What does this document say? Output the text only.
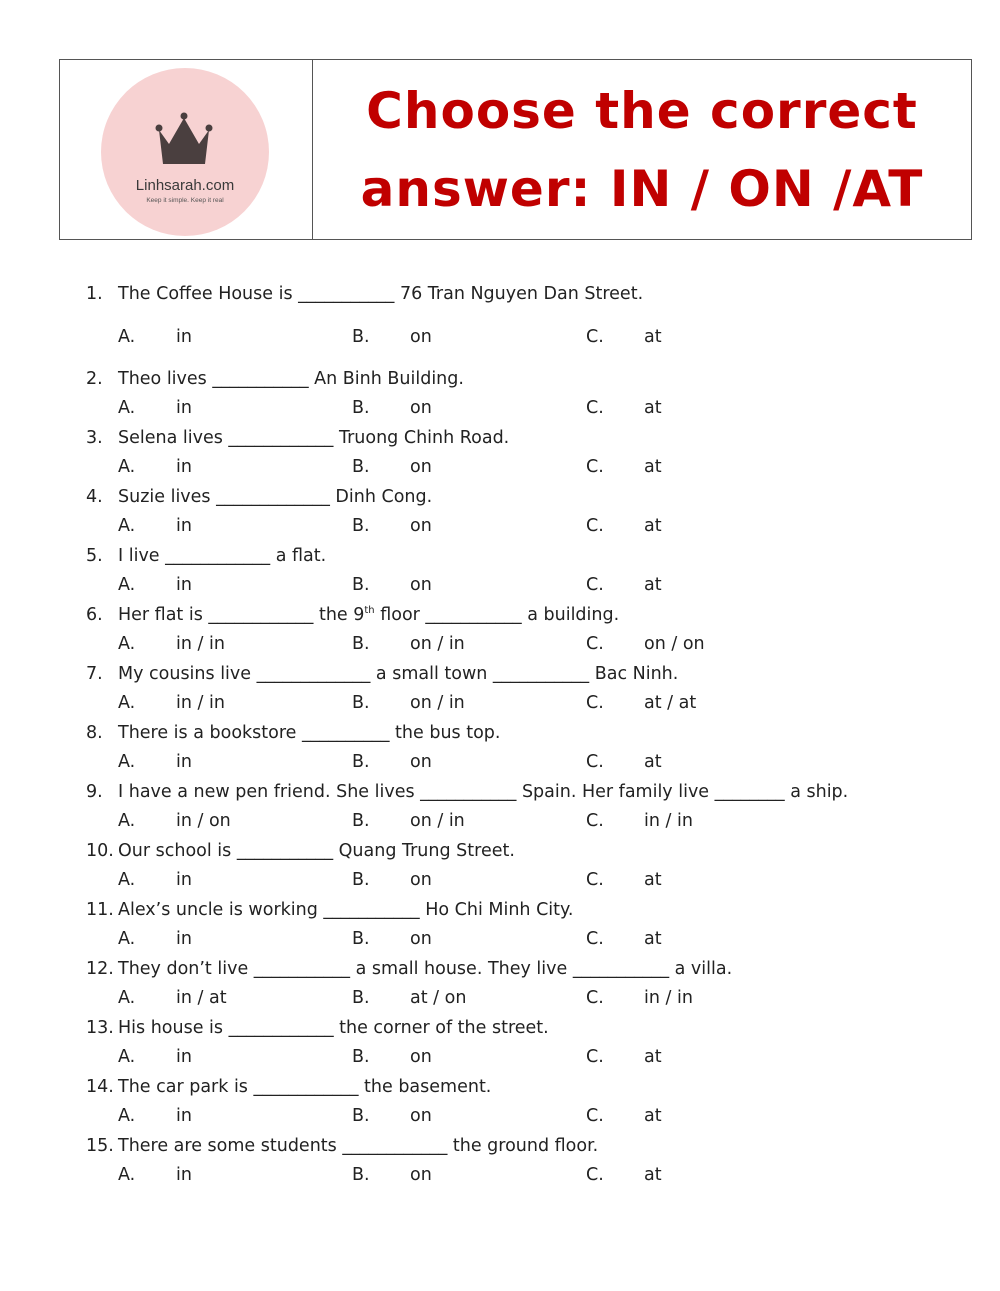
Linhsarah.com
Keep it simple. Keep it real
Choose the correct
answer: IN / ON /AT
1. The Coffee House is ___________ 76 Tran Nguyen Dan Street.
A. in	B. on	C. at
2. Theo lives ___________ An Binh Building.
A. in	B. on	C. at
3. Selena lives ____________ Truong Chinh Road.
A. in	B. on	C. at
4. Suzie lives _____________ Dinh Cong.
A. in	B. on	C. at
5. I live ____________ a flat.
A. in	B. on	C. at
6. Her flat is ____________ the 9th floor ___________ a building.
A. in / in	B. on / in	C. on / on
7. My cousins live _____________ a small town ___________ Bac Ninh.
A. in / in	B. on / in	C. at / at
8. There is a bookstore __________ the bus top.
A. in	B. on	C. at
9. I have a new pen friend. She lives ___________ Spain. Her family live ________ a ship.
A. in / on	B. on / in	C. in / in
10. Our school is ___________ Quang Trung Street.
A. in	B. on	C. at
11. Alex’s uncle is working ___________ Ho Chi Minh City.
A. in	B. on	C. at
12. They don’t live ___________ a small house. They live ___________ a villa.
A. in / at	B. at / on	C. in / in
13. His house is ____________ the corner of the street.
A. in	B. on	C. at
14. The car park is ____________ the basement.
A. in	B. on	C. at
15. There are some students ____________ the ground floor.
A. in	B. on	C. at
